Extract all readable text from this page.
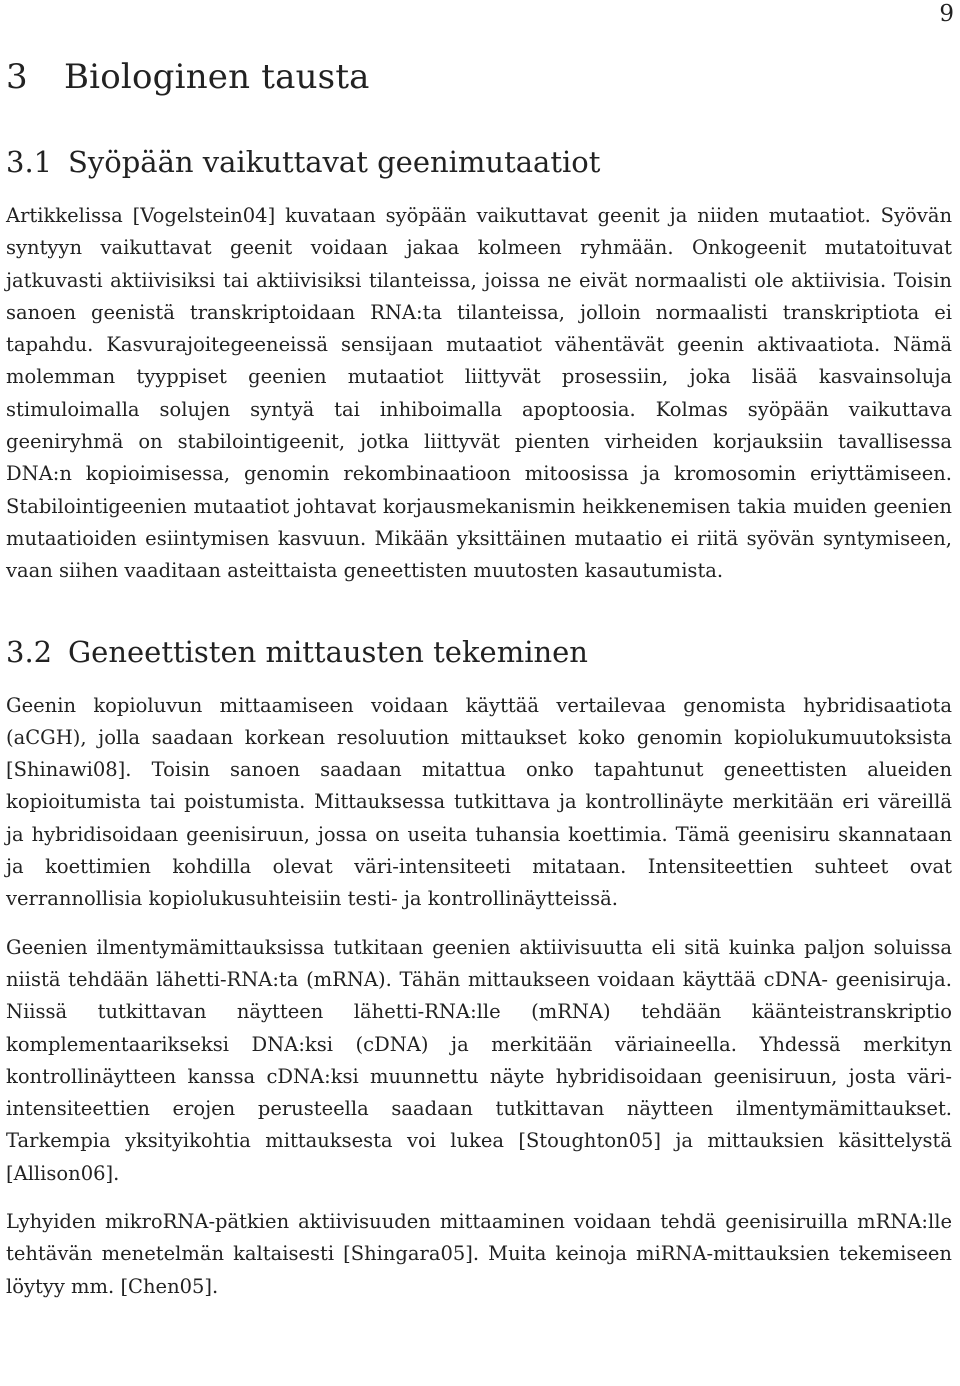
9
3 Biologinen tausta
3.1 Syöpään vaikuttavat geenimutaatiot

Artikkelissa [Vogelstein04] kuvataan syöpään vaikuttavat geenit ja niiden mutaatiot. Syövän syntyyn vaikuttavat geenit voidaan jakaa kolmeen ryhmään. Onkogeenit mutatoituvat jatkuvasti aktiivisiksi tai aktiivisiksi tilanteissa, joissa ne eivät normaalisti ole aktiivisia. Toisin sanoen geenistä transkriptoidaan RNA:ta tilanteissa, jolloin normaalisti transkriptiota ei tapahdu. Kasvurajoitegeeneissä sensijaan mutaatiot vähentävät geenin aktivaatiota. Nämä molemman tyyppiset geenien mutaatiot liittyvät prosessiin, joka lisää kasvainsoluja stimuloimalla solujen syntyä tai inhiboimalla apoptoosia. Kolmas syöpään vaikuttava geeniryhmä on stabilointigeenit, jotka liittyvät pienten virheiden korjauksiin tavallisessa DNA:n kopioimisessa, genomin rekombinaatioon mitoosissa ja kromosomin eriyttämiseen. Stabilointigeenien mutaatiot johtavat korjausmekanismin heikkenemisen takia muiden geenien mutaatioiden esiintymisen kasvuun. Mikään yksittäinen mutaatio ei riitä syövän syntymiseen, vaan siihen vaaditaan asteittaista geneettisten muutosten kasautumista.

3.2 Geneettisten mittausten tekeminen

Geenin kopioluvun mittaamiseen voidaan käyttää vertailevaa genomista hybridisaatiota (aCGH), jolla saadaan korkean resoluution mittaukset koko genomin kopiolukumuutoksista [Shinawi08]. Toisin sanoen saadaan mitattua onko tapahtunut geneettisten alueiden kopioitumista tai poistumista. Mittauksessa tutkittava ja kontrollinäyte merkitään eri väreillä ja hybridisoidaan geenisiruun, jossa on useita tuhansia koettimia. Tämä geenisiru skannataan ja koettimien kohdilla olevat väri-intensiteeti mitataan. Intensiteettien suhteet ovat verrannollisia kopiolukusuhteisiin testi- ja kontrollinäytteissä.

Geenien ilmentymämittauksissa tutkitaan geenien aktiivisuutta eli sitä kuinka paljon soluissa niistä tehdään lähetti-RNA:ta (mRNA). Tähän mittaukseen voidaan käyttää cDNA- geenisiruja. Niissä tutkittavan näytteen lähetti-RNA:lle (mRNA) tehdään käänteistranskriptio komplementaarikseksi DNA:ksi (cDNA) ja merkitään väriaineella. Yhdessä merkityn kontrollinäytteen kanssa cDNA:ksi muunnettu näyte hybridisoidaan geenisiruun, josta väri-intensiteettien erojen perusteella saadaan tutkittavan näytteen ilmentymämittaukset. Tarkempia yksityikohtia mittauksesta voi lukea [Stoughton05] ja mittauksien käsittelystä [Allison06].

Lyhyiden mikroRNA-pätkien aktiivisuuden mittaaminen voidaan tehdä geenisiruilla mRNA:lle tehtävän menetelmän kaltaisesti [Shingara05]. Muita keinoja miRNA-mittauksien tekemiseen löytyy mm. [Chen05].
